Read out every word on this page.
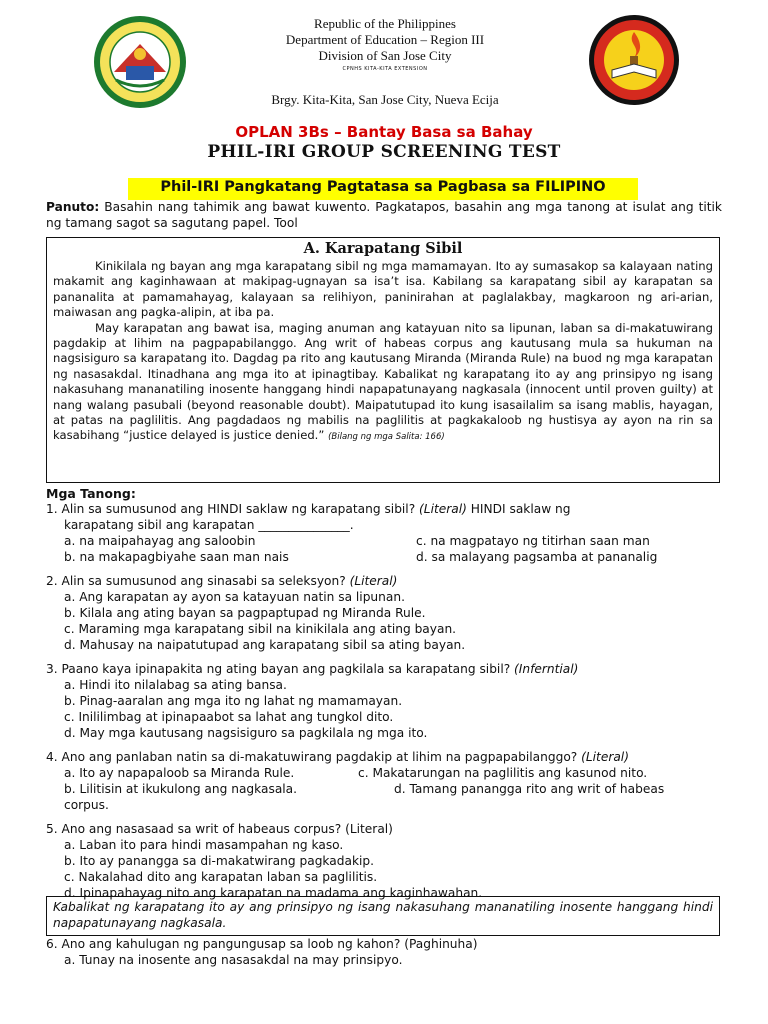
Republic of the Philippines
Department of Education – Region III
Division of San Jose City
CPNHS KITA-KITA EXTENSION
Brgy. Kita-Kita, San Jose City, Nueva Ecija
OPLAN 3Bs – Bantay Basa sa Bahay
PHIL-IRI GROUP SCREENING TEST
Phil-IRI Pangkatang Pagtatasa sa Pagbasa sa FILIPINO
Panuto: Basahin nang tahimik ang bawat kuwento. Pagkatapos, basahin ang mga tanong at isulat ang titik ng tamang sagot sa sagutang papel. Tool
A. Karapatang Sibil

Kinikilala ng bayan ang mga karapatang sibil ng mga mamamayan. Ito ay sumasakop sa kalayaan nating makamit ang kaginhawaan at makipag-ugnayan sa isa’t isa. Kabilang sa karapatang sibil ay karapatan sa pananalita at pamamahayag, kalayaan sa relihiyon, paninirahan at paglalakbay, magkaroon ng ari-arian, maiwasan ang pagka-alipin, at iba pa.

May karapatan ang bawat isa, maging anuman ang katayuan nito sa lipunan, laban sa di-makatuwirang pagdakip at lihim na pagpapabilanggo. Ang writ of habeas corpus ang kautusang mula sa hukuman na nagsisiguro sa karapatang ito. Dagdag pa rito ang kautusang Miranda (Miranda Rule) na buod ng mga karapatan ng nasasakdal. Itinadhana ang mga ito at ipinagtibay. Kabalikat ng karapatang ito ay ang prinsipyo ng isang nakasuhang mananatiling inosente hanggang hindi napapatunayang nagkasala (innocent until proven guilty) at nang walang pasubali (beyond reasonable doubt). Maipatutupad ito kung isasailalim sa isang mablis, hayagan, at patas na paglilitis. Ang pagdadaos ng mabilis na paglilitis at pagkakaloob ng hustisya ay ayon na rin sa kasabihang “justice delayed is justice denied.” (Bilang ng mga Salita: 166)

Mga Tanong:
1. Alin sa sumusunod ang HINDI saklaw ng karapatang sibil? (Literal) HINDI saklaw ng
karapatang sibil ang karapatan _______________.
a. na maipahayag ang saloobin	c. na magpatayo ng titirhan saan man
b. na makapagbiyahe saan man nais	d. sa malayang pagsamba at pananalig
2. Alin sa sumusunod ang sinasabi sa seleksyon? (Literal)
a. Ang karapatan ay ayon sa katayuan natin sa lipunan.
b. Kilala ang ating bayan sa pagpaptupad ng Miranda Rule.
c. Maraming mga karapatang sibil na kinikilala ang ating bayan.
d. Mahusay na naipatutupad ang karapatang sibil sa ating bayan.
3. Paano kaya ipinapakita ng ating bayan ang pagkilala sa karapatang sibil? (Inferntial)
a. Hindi ito nilalabag sa ating bansa.
b. Pinag-aaralan ang mga ito ng lahat ng mamamayan.
c. Inililimbag at ipinapaabot sa lahat ang tungkol dito.
d. May mga kautusang nagsisiguro sa pagkilala ng mga ito.
4. Ano ang panlaban natin sa di-makatuwirang pagdakip at lihim na pagpapabilanggo? (Literal)
a. Ito ay napapaloob sa Miranda Rule.	c. Makatarungan na paglilitis ang kasunod nito.
b. Lilitisin at ikukulong ang nagkasala.	d. Tamang panangga rito ang writ of habeas
corpus.
5. Ano ang nasasaad sa writ of habeaus corpus? (Literal)
a. Laban ito para hindi masampahan ng kaso.
b. Ito ay panangga sa di-makatwirang pagkadakip.
c. Nakalahad dito ang karapatan laban sa paglilitis.
d. Ipinapahayag nito ang karapatan na madama ang kaginhawahan.
Kabalikat ng karapatang ito ay ang prinsipyo ng isang nakasuhang mananatiling inosente hanggang hindi napapatunayang nagkasala.
6. Ano ang kahulugan ng pangungusap sa loob ng kahon? (Paghinuha)
a. Tunay na inosente ang nasasakdal na may prinsipyo.
